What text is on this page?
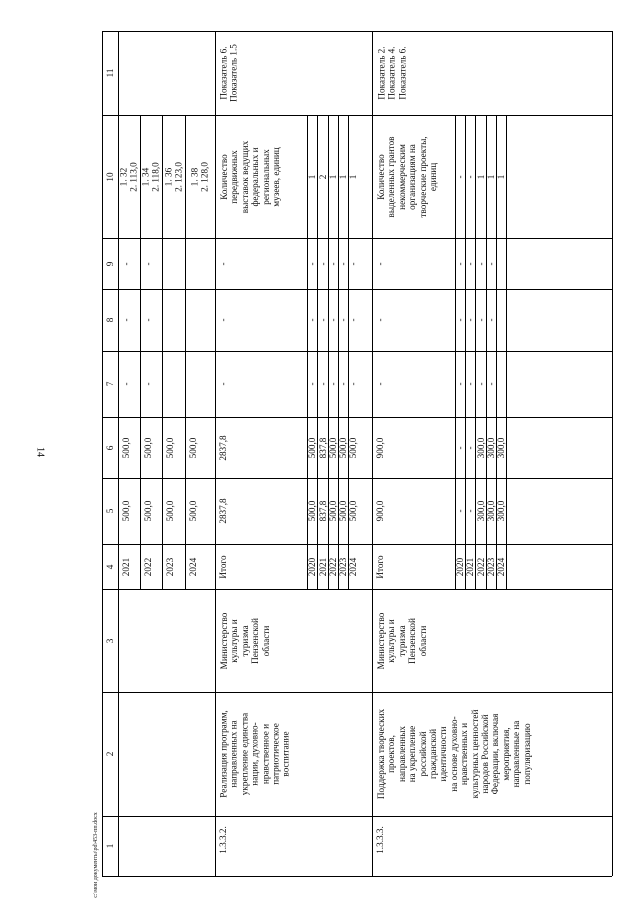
14
c:\мои документы\рd\453-пп.docx 1
2
3
4
5
6
7
8
9
10
11
2021
500,0
500,0
-
-
-
1. 32 2. 113,0
2022
500,0
500,0
-
-
-
1. 34 2. 118,0
2023
500,0
500,0
1. 36 2. 123,0
2024
500,0
500,0
1. 38 2. 128,0
1.3.3.2.
Реализация программ, направленных на укрепление единства нации, духовно- нравственное и патриотическое воспитание
Министерство культуры и туризма Пензенской области
Итого
2837,8
2837,8
-
-
-
Количество передвижных выставок ведущих федеральных и региональных музеев, единиц
Показатель 6. Показатель 1.5
2020
500,0
500,0
-
-
-
1
2021
837,8
837,8
-
-
-
2
2022
500,0
500,0
-
-
-
1
2023
500,0
500,0
-
-
-
1
2024
500,0
500,0
-
-
-
1
1.3.3.3.
Поддержка творческих проектов, направленных на укрепление российской гражданской идентичности на основе духовно- нравственных и культурных ценностей народов Российской Федерации, включая мероприятия, направленные на популяризацию
Министерство культуры и туризма Пензенской области
Итого
900,0
900,0
-
-
-
Количество выделенных грантов некоммерческим организациям на творческие проекты, единиц
Показатель 2. Показатель 4. Показатель 6.
2020
-
-
-
-
-
-
2021
-
-
-
-
-
-
2022
300,0
300,0
-
-
-
1
2023
300,0
300,0
-
-
-
1
2024
300,0
300,0
1
